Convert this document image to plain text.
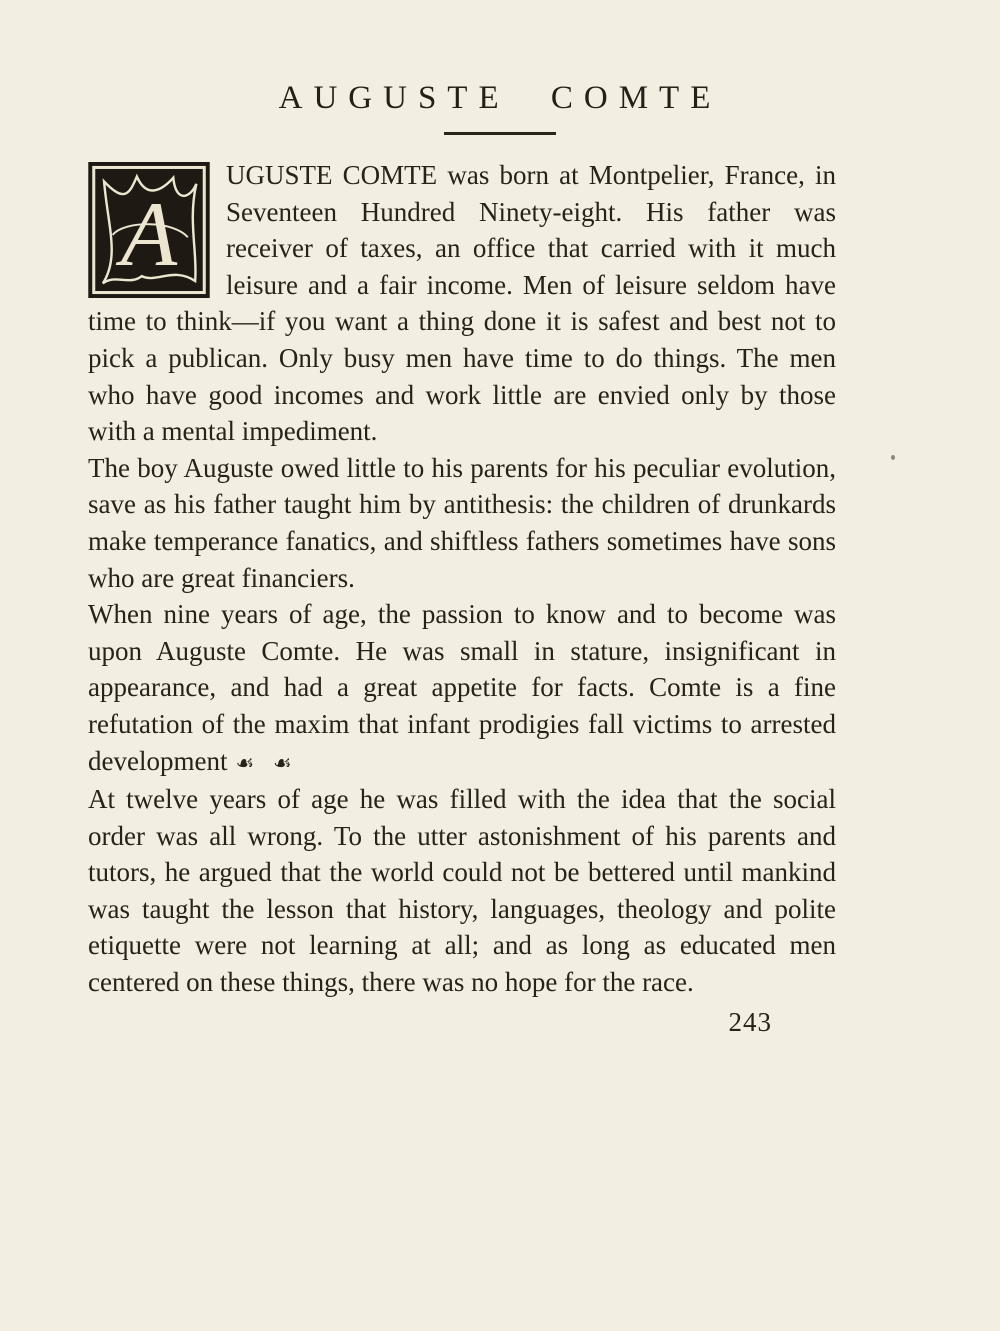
AUGUSTE COMTE

A
UGUSTE COMTE was born at Montpelier, France, in Seventeen Hundred Ninety-eight. His father was receiver of taxes, an office that carried with it much leisure and a fair income. Men of leisure seldom have time to think—if you want a thing done it is safest and best not to pick a publican. Only busy men have time to do things. The men who have good incomes and work little are envied only by those with a mental impediment.

The boy Auguste owed little to his parents for his peculiar evolution, save as his father taught him by antithesis: the children of drunkards make temperance fanatics, and shiftless fathers sometimes have sons who are great financiers.

When nine years of age, the passion to know and to become was upon Auguste Comte. He was small in stature, insignificant in appearance, and had a great appetite for facts. Comte is a fine refutation of the maxim that infant prodigies fall victims to arrested development ☙ ☙

At twelve years of age he was filled with the idea that the social order was all wrong. To the utter astonishment of his parents and tutors, he argued that the world could not be bettered until mankind was taught the lesson that history, languages, theology and polite etiquette were not learning at all; and as long as educated men centered on these things, there was no hope for the race.

243
